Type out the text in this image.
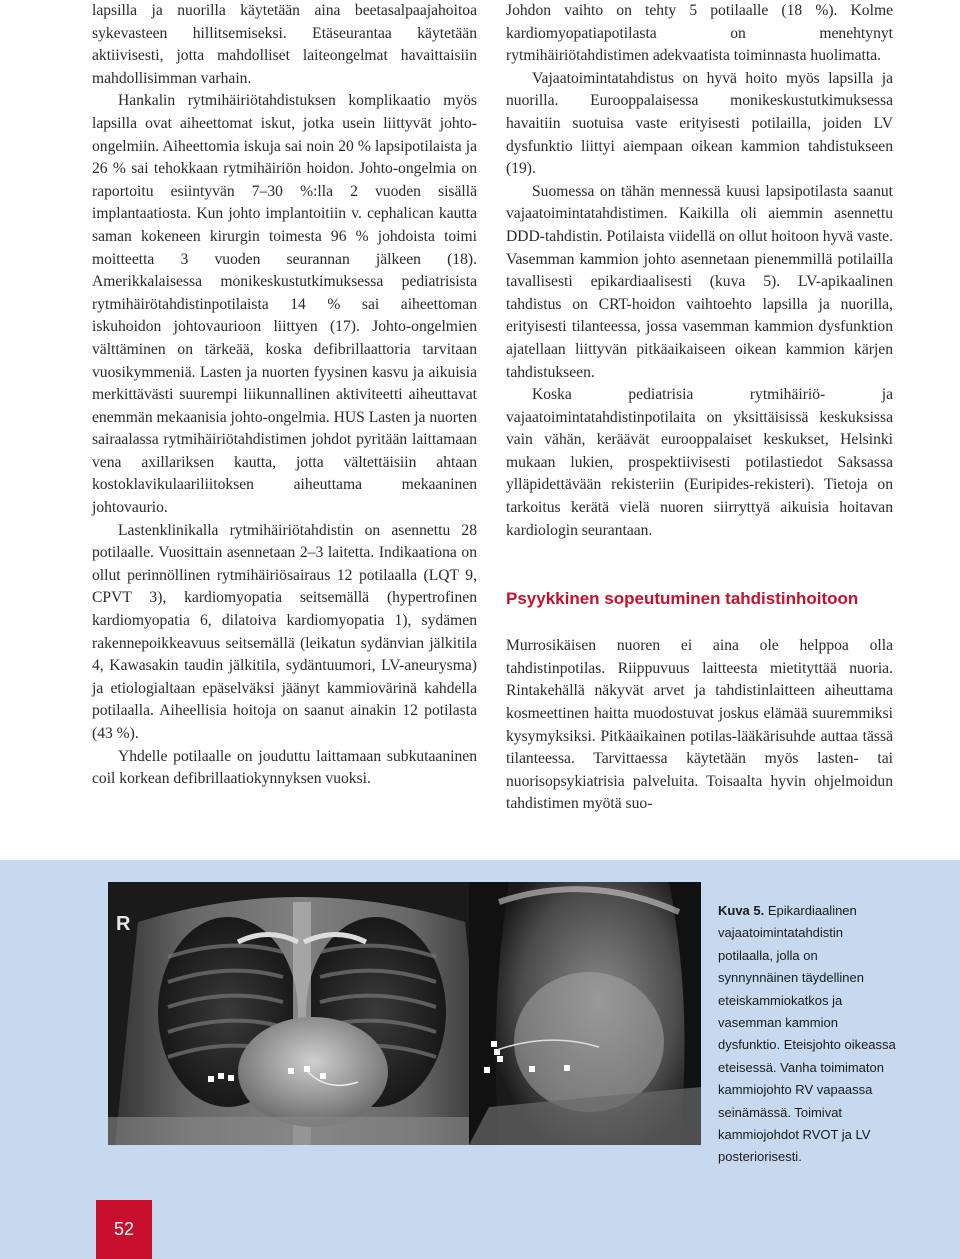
lapsilla ja nuorilla käytetään aina beetasalpaajahoitoa sykevasteen hillitsemiseksi. Etäseurantaa käytetään aktiivisesti, jotta mahdolliset laiteongelmat havaittaisiin mahdollisimman varhain.

Hankalin rytmihäiriötahdistuksen komplikaatio myös lapsilla ovat aiheettomat iskut, jotka usein liittyvät johto-ongelmiin. Aiheettomia iskuja sai noin 20 % lapsipotilaista ja 26 % sai tehokkaan rytmihäiriön hoidon. Johto-ongelmia on raportoitu esiintyvän 7–30 %:lla 2 vuoden sisällä implantaatiosta. Kun johto implantoitiin v. cephalican kautta saman kokeneen kirurgin toimesta 96 % johdoista toimi moitteetta 3 vuoden seurannan jälkeen (18). Amerikkalaisessa monikeskustutkimuksessa pediatrisista rytmihäirötahdistinpotilaista 14 % sai aiheettoman iskuhoidon johtovaurioon liittyen (17). Johto-ongelmien välttäminen on tärkeää, koska defibrillaattoria tarvitaan vuosikymmeniä. Lasten ja nuorten fyysinen kasvu ja aikuisia merkittävästi suurempi liikunnallinen aktiviteetti aiheuttavat enemmän mekaanisia johto-ongelmia. HUS Lasten ja nuorten sairaalassa rytmihäiriötahdistimen johdot pyritään laittamaan vena axillariksen kautta, jotta vältettäisiin ahtaan kostoklavikulaariliitoksen aiheuttama mekaaninen johtovaurio.

Lastenklinikalla rytmihäiriötahdistin on asennettu 28 potilaalle. Vuosittain asennetaan 2–3 laitetta. Indikaationa on ollut perinnöllinen rytmihäiriösairaus 12 potilaalla (LQT 9, CPVT 3), kardiomyopatia seitsemällä (hypertrofinen kardiomyopatia 6, dilatoiva kardiomyopatia 1), sydämen rakennepoikkeavuus seitsemällä (leikatun sydänvian jälkitila 4, Kawasakin taudin jälkitila, sydäntuumori, LV-aneurysma) ja etiologialtaan epäselväksi jäänyt kammiovärinä kahdella potilaalla. Aiheellisia hoitoja on saanut ainakin 12 potilasta (43 %).

Yhdelle potilaalle on jouduttu laittamaan subkutaaninen coil korkean defibrillaatiokynnyksen vuoksi.

Johdon vaihto on tehty 5 potilaalle (18 %). Kolme kardiomyopatiapotilasta on menehtynyt rytmihäiriötahdistimen adekvaatista toiminnasta huolimatta.

Vajaatoimintatahdistus on hyvä hoito myös lapsilla ja nuorilla. Eurooppalaisessa monikeskustutkimuksessa havaitiin suotuisa vaste erityisesti potilailla, joiden LV dysfunktio liittyi aiempaan oikean kammion tahdistukseen (19).

Suomessa on tähän mennessä kuusi lapsipotilasta saanut vajaatoimintatahdistimen. Kaikilla oli aiemmin asennettu DDD-tahdistin. Potilaista viidellä on ollut hoitoon hyvä vaste. Vasemman kammion johto asennetaan pienemmillä potilailla tavallisesti epikardiaalisesti (kuva 5). LV-apikaalinen tahdistus on CRT-hoidon vaihtoehto lapsilla ja nuorilla, erityisesti tilanteessa, jossa vasemman kammion dysfunktion ajatellaan liittyvän pitkäaikaiseen oikean kammion kärjen tahdistukseen.

Koska pediatrisia rytmihäiriö- ja vajaatoimintatahdistinpotilaita on yksittäisissä keskuksissa vain vähän, keräävät eurooppalaiset keskukset, Helsinki mukaan lukien, prospektiivisesti potilastiedot Saksassa ylläpidettävään rekisteriin (Euripides-rekisteri). Tietoja on tarkoitus kerätä vielä nuoren siirryttyä aikuisia hoitavan kardiologin seurantaan.

Psyykkinen sopeutuminen tahdistinhoitoon

Murrosikäisen nuoren ei aina ole helppoa olla tahdistinpotilas. Riippuvuus laitteesta mietityttää nuoria. Rintakehällä näkyvät arvet ja tahdistinlaitteen aiheuttama kosmeettinen haitta muodostuvat joskus elämää suuremmiksi kysymyksiksi. Pitkäaikainen potilas-lääkärisuhde auttaa tässä tilanteessa. Tarvittaessa käytetään myös lasten- tai nuorisopsykiatrisia palveluita. Toisaalta hyvin ohjelmoidun tahdistimen myötä suo-

R
Kuva 5. Epikardiaalinen vajaatoimintatahdistin potilaalla, jolla on synnynnäinen täydellinen eteiskammiokatkos ja vasemman kammion dysfunktio. Eteisjohto oikeassa eteisessä. Vanha toimimaton kammiojohto RV vapaassa seinämässä. Toimivat kammiojohdot RVOT ja LV posteriorisesti.
52
